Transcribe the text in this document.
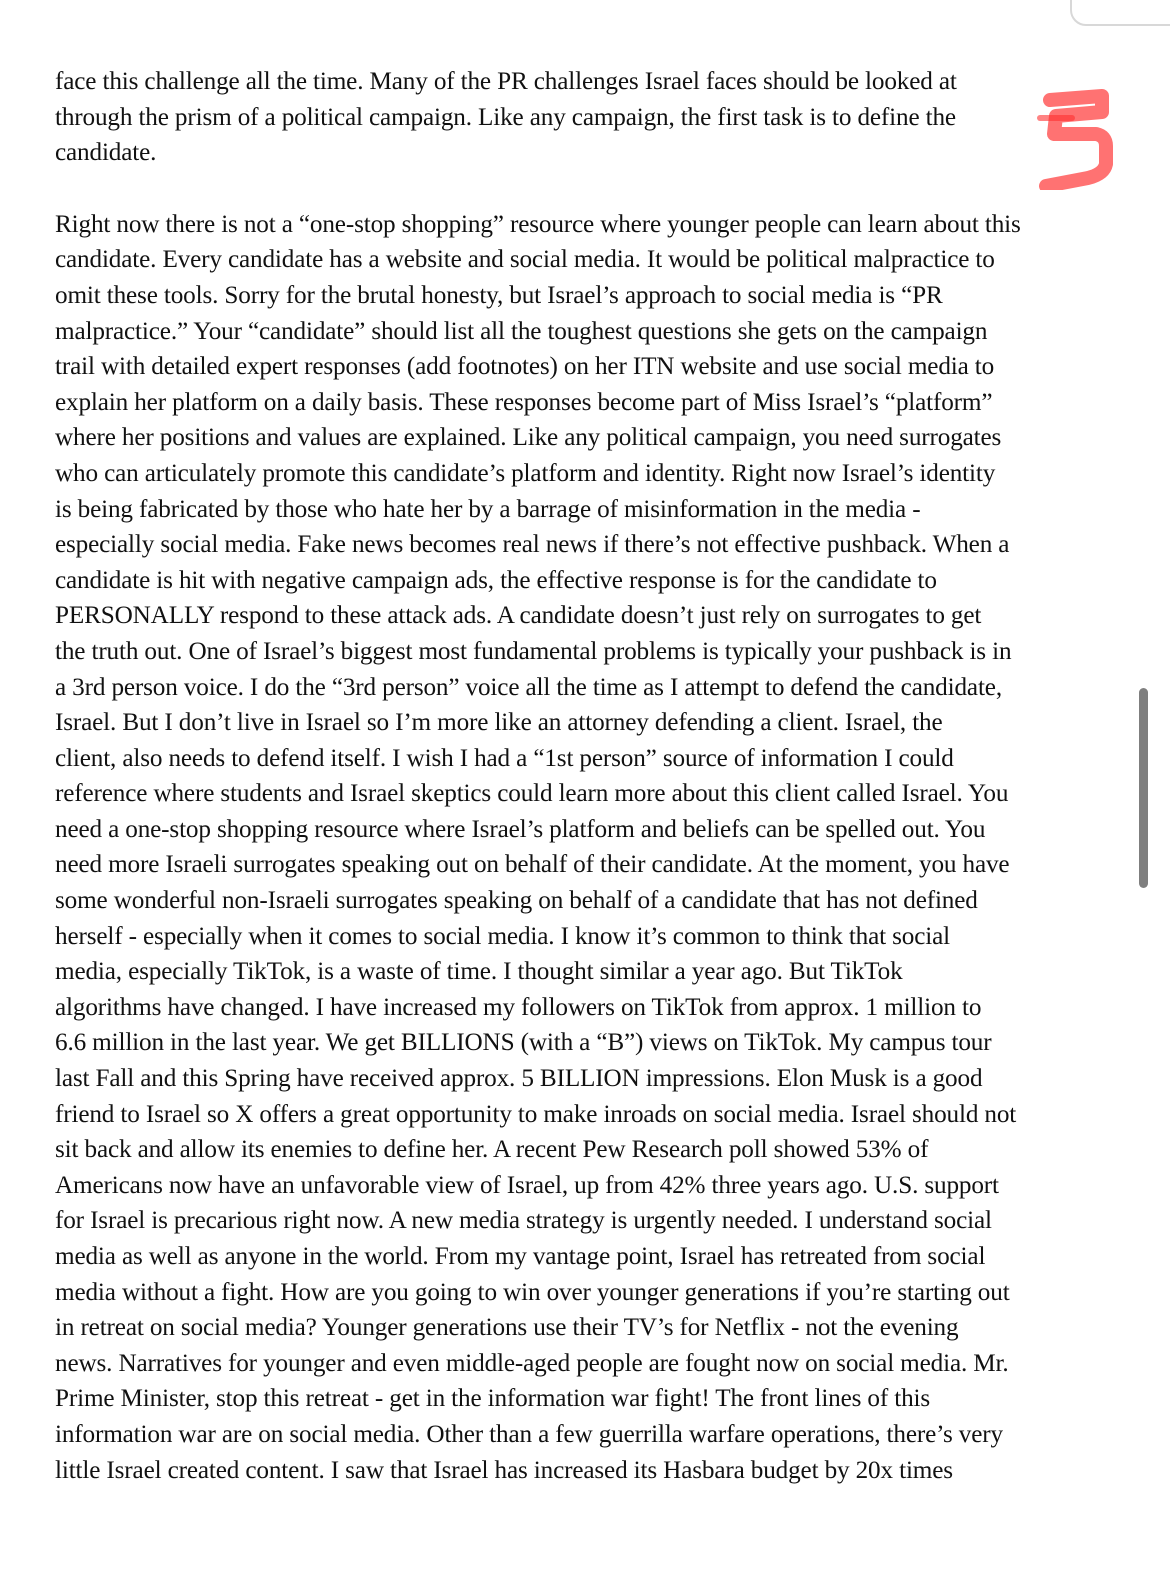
face this challenge all the time. Many of the PR challenges Israel faces should be looked at
through the prism of a political campaign. Like any campaign, the first task is to define the
candidate.

Right now there is not a “one-stop shopping” resource where younger people can learn about this
candidate. Every candidate has a website and social media. It would be political malpractice to
omit these tools. Sorry for the brutal honesty, but Israel’s approach to social media is “PR
malpractice.” Your “candidate” should list all the toughest questions she gets on the campaign
trail with detailed expert responses (add footnotes) on her ITN website and use social media to
explain her platform on a daily basis. These responses become part of Miss Israel’s “platform”
where her positions and values are explained. Like any political campaign, you need surrogates
who can articulately promote this candidate’s platform and identity. Right now Israel’s identity
is being fabricated by those who hate her by a barrage of misinformation in the media -
especially social media. Fake news becomes real news if there’s not effective pushback. When a
candidate is hit with negative campaign ads, the effective response is for the candidate to
PERSONALLY respond to these attack ads. A candidate doesn’t just rely on surrogates to get
the truth out. One of Israel’s biggest most fundamental problems is typically your pushback is in
a 3rd person voice. I do the “3rd person” voice all the time as I attempt to defend the candidate,
Israel. But I don’t live in Israel so I’m more like an attorney defending a client. Israel, the
client, also needs to defend itself. I wish I had a “1st person” source of information I could
reference where students and Israel skeptics could learn more about this client called Israel. You
need a one-stop shopping resource where Israel’s platform and beliefs can be spelled out. You
need more Israeli surrogates speaking out on behalf of their candidate. At the moment, you have
some wonderful non-Israeli surrogates speaking on behalf of a candidate that has not defined
herself - especially when it comes to social media. I know it’s common to think that social
media, especially TikTok, is a waste of time. I thought similar a year ago. But TikTok
algorithms have changed. I have increased my followers on TikTok from approx. 1 million to
6.6 million in the last year. We get BILLIONS (with a “B”) views on TikTok. My campus tour
last Fall and this Spring have received approx. 5 BILLION impressions. Elon Musk is a good
friend to Israel so X offers a great opportunity to make inroads on social media. Israel should not
sit back and allow its enemies to define her. A recent Pew Research poll showed 53% of
Americans now have an unfavorable view of Israel, up from 42% three years ago. U.S. support
for Israel is precarious right now. A new media strategy is urgently needed. I understand social
media as well as anyone in the world. From my vantage point, Israel has retreated from social
media without a fight. How are you going to win over younger generations if you’re starting out
in retreat on social media? Younger generations use their TV’s for Netflix - not the evening
news. Narratives for younger and even middle-aged people are fought now on social media. Mr.
Prime Minister, stop this retreat - get in the information war fight! The front lines of this
information war are on social media. Other than a few guerrilla warfare operations, there’s very
little Israel created content. I saw that Israel has increased its Hasbara budget by 20x times
